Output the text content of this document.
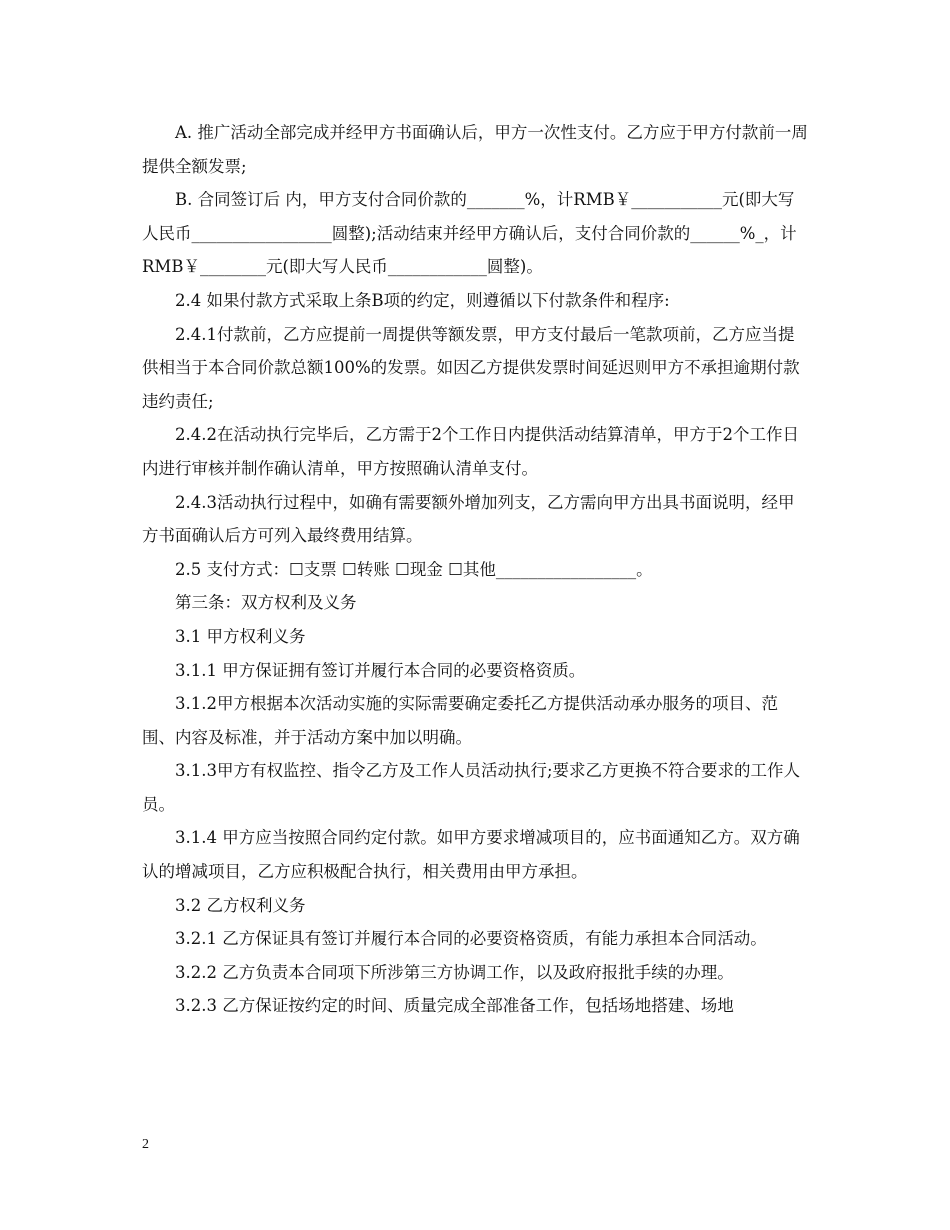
A. 推广活动全部完成并经甲方书面确认后，甲方一次性支付。乙方应于甲方付款前一周提供全额发票;

B. 合同签订后 内，甲方支付合同价款的_______%，计RMB￥___________元(即大写人民币_________________圆整);活动结束并经甲方确认后，支付合同价款的______%_，计RMB￥________元(即大写人民币____________圆整)。

2.4 如果付款方式采取上条B项的约定，则遵循以下付款条件和程序:

2.4.1付款前，乙方应提前一周提供等额发票，甲方支付最后一笔款项前，乙方应当提供相当于本合同价款总额100%的发票。如因乙方提供发票时间延迟则甲方不承担逾期付款违约责任;

2.4.2在活动执行完毕后，乙方需于2个工作日内提供活动结算清单，甲方于2个工作日内进行审核并制作确认清单，甲方按照确认清单支付。

2.4.3活动执行过程中，如确有需要额外增加列支，乙方需向甲方出具书面说明，经甲方书面确认后方可列入最终费用结算。

2.5 支付方式：☐支票 ☐转账 ☐现金 ☐其他_________________。

第三条：双方权利及义务

3.1 甲方权利义务

3.1.1 甲方保证拥有签订并履行本合同的必要资格资质。

3.1.2甲方根据本次活动实施的实际需要确定委托乙方提供活动承办服务的项目、范围、内容及标准，并于活动方案中加以明确。

3.1.3甲方有权监控、指令乙方及工作人员活动执行;要求乙方更换不符合要求的工作人员。

3.1.4 甲方应当按照合同约定付款。如甲方要求增减项目的，应书面通知乙方。双方确认的增减项目，乙方应积极配合执行，相关费用由甲方承担。

3.2 乙方权利义务

3.2.1 乙方保证具有签订并履行本合同的必要资格资质，有能力承担本合同活动。

3.2.2 乙方负责本合同项下所涉第三方协调工作，以及政府报批手续的办理。

3.2.3 乙方保证按约定的时间、质量完成全部准备工作，包括场地搭建、场地

2
